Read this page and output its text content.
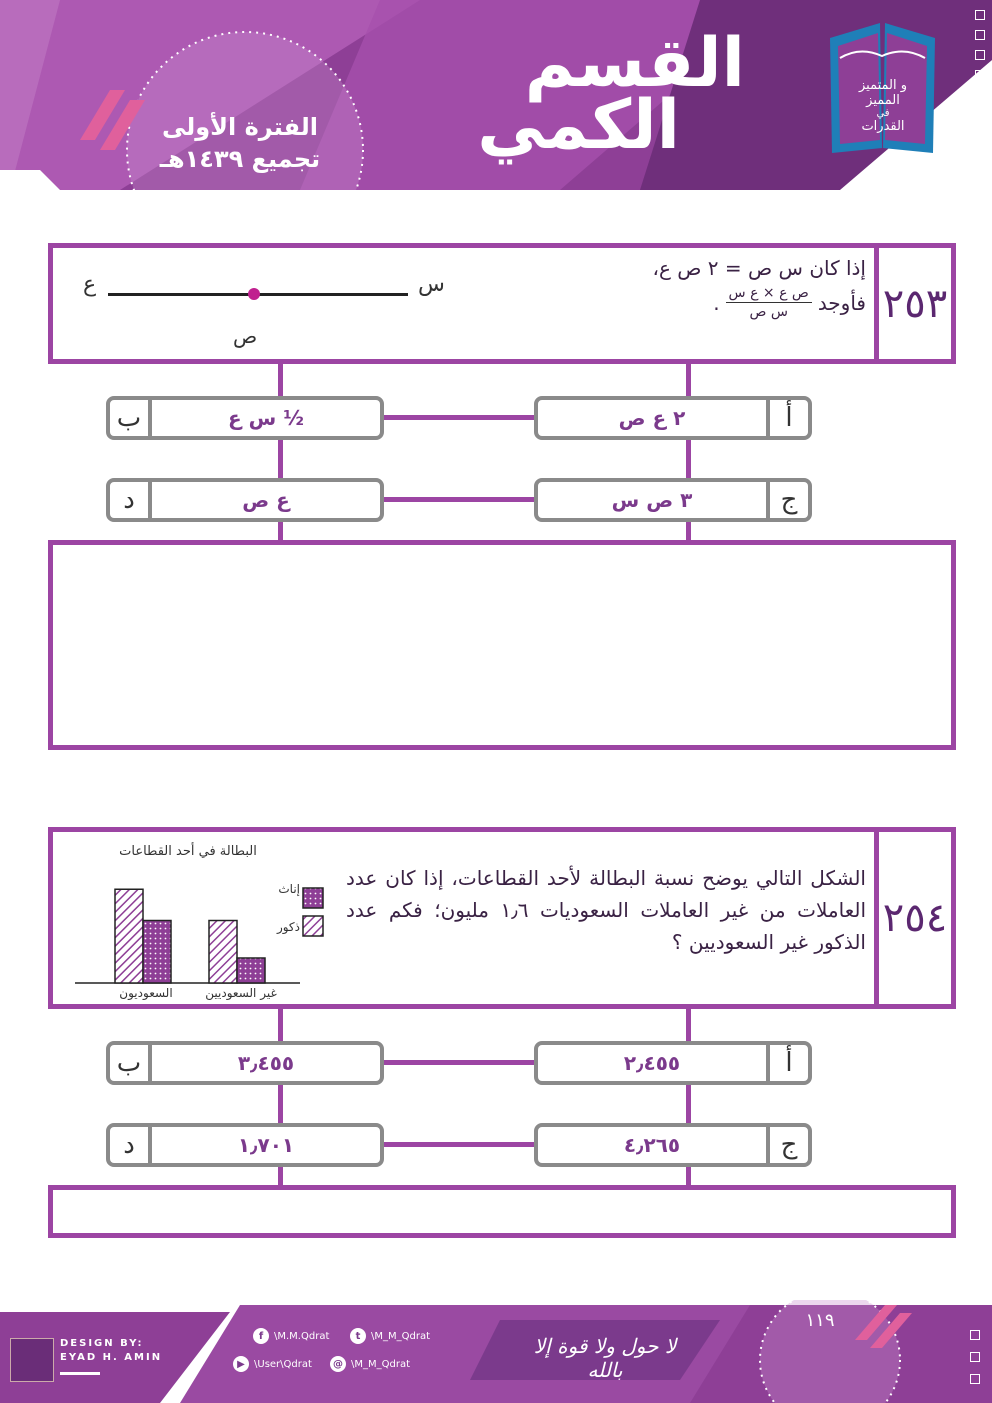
القسم
الكمي
الفترة الأولى
تجميع ١٤٣٩هـ
و المتميز
المميز
في
القدرات
٢٥٣
إذا كان س ص = ٢ ص ع،
فأوجد
ص ع × ع س
س ص
.
ع	س
ص
٢ ع ص	أ
ب	½ س ع
٣ ص س	ج
د	ع ص
٢٥٤
الشكل التالي يوضح نسبة البطالة لأحد القطاعات، إذا كان عدد العاملات من غير العاملات السعوديات ١٫٦ مليون؛ فكم عدد الذكور غير السعوديين ؟
البطالة في أحد القطاعات
السعوديون	غير السعوديين
إناث
ذكور
٢٫٤٥٥	أ
ب	٣٫٤٥٥
٤٫٢٦٥	ج
د	١٫٧٠١
DESIGN BY:
EYAD H. AMIN
f	\M.M.Qdrat	t	\M_M_Qdrat
▶ \User\Qdrat	@ \M_M_Qdrat
لا حول ولا قوة إلا بالله
١١٩
